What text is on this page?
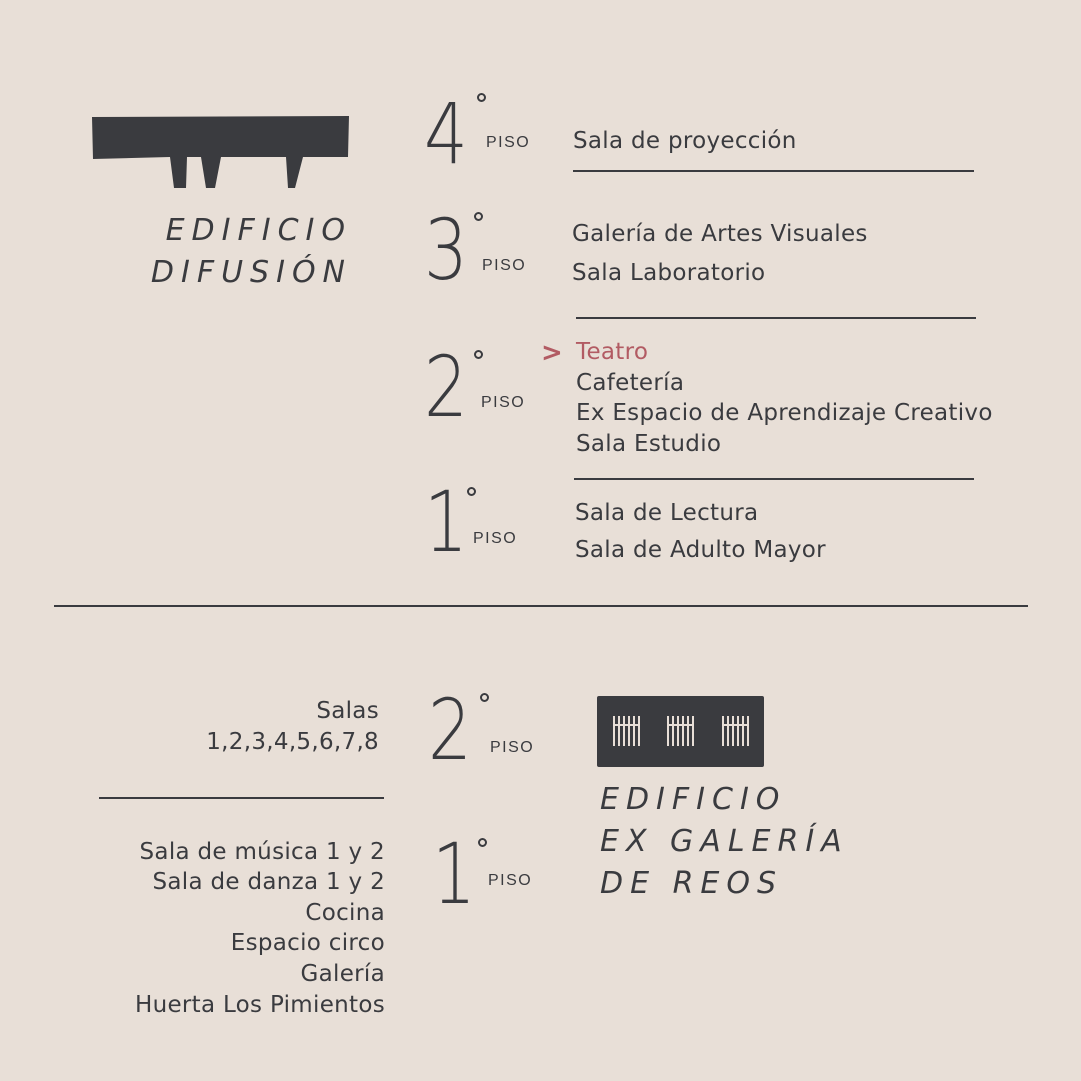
EDIFICIO
DIFUSIÓN
4 PISO Sala de proyección
3 PISO
Galería de Artes Visuales
Sala Laboratorio
2 PISO
> Teatro
Cafetería
Ex Espacio de Aprendizaje Creativo
Sala Estudio
1 PISO
Sala de Lectura
Sala de Adulto Mayor
Salas
1,2,3,4,5,6,7,8 2 PISO
Sala de música 1 y 2
Sala de danza 1 y 2
Cocina
Espacio circo
Galería
Huerta Los Pimientos
1 PISO
EDIFICIO
EX GALERÍA
DE REOS
